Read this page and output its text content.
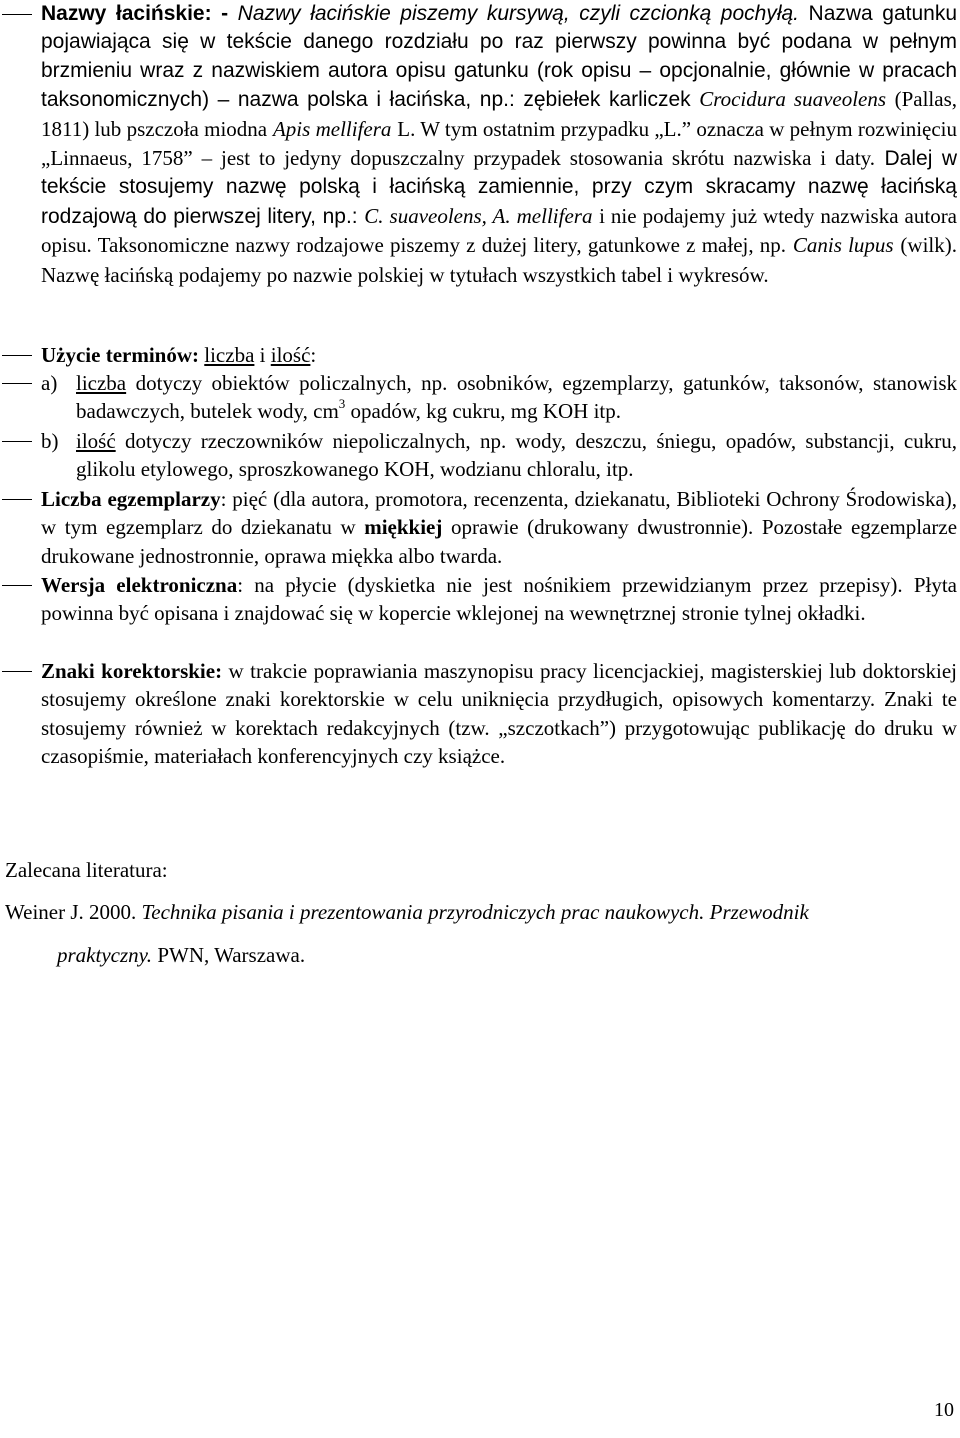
Nazwy łacińskie: - Nazwy łacińskie piszemy kursywą, czyli czcionką pochyłą. Nazwa gatunku pojawiająca się w tekście danego rozdziału po raz pierwszy powinna być podana w pełnym brzmieniu wraz z nazwiskiem autora opisu gatunku (rok opisu – opcjonalnie, głównie w pracach taksonomicznych) – nazwa polska i łacińska, np.: zębiełek karliczek Crocidura suaveolens (Pallas, 1811) lub pszczoła miodna Apis mellifera L. W tym ostatnim przypadku „L.” oznacza w pełnym rozwinięciu „Linnaeus, 1758” – jest to jedyny dopuszczalny przypadek stosowania skrótu nazwiska i daty. Dalej w tekście stosujemy nazwę polską i łacińską zamiennie, przy czym skracamy nazwę łacińską rodzajową do pierwszej litery, np.: C. suaveolens, A. mellifera i nie podajemy już wtedy nazwiska autora opisu. Taksonomiczne nazwy rodzajowe piszemy z dużej litery, gatunkowe z małej, np. Canis lupus (wilk). Nazwę łacińską podajemy po nazwie polskiej w tytułach wszystkich tabel i wykresów.
Użycie terminów: liczba i ilość:
a) liczba dotyczy obiektów policzalnych, np. osobników, egzemplarzy, gatunków, taksonów, stanowisk badawczych, butelek wody, $cm^3$ opadów, kg cukru, mg KOH itp.
b) ilość dotyczy rzeczowników niepoliczalnych, np. wody, deszczu, śniegu, opadów, substancji, cukru, glikolu etylowego, sproszkowanego KOH, wodzianu chloralu, itp.
Liczba egzemplarzy: pięć (dla autora, promotora, recenzenta, dziekanatu, Biblioteki Ochrony Środowiska), w tym egzemplarz do dziekanatu w miękkiej oprawie (drukowany dwustronnie). Pozostałe egzemplarze drukowane jednostronnie, oprawa miękka albo twarda.
Wersja elektroniczna: na płycie (dyskietka nie jest nośnikiem przewidzianym przez przepisy). Płyta powinna być opisana i znajdować się w kopercie wklejonej na wewnętrznej stronie tylnej okładki.
Znaki korektorskie: w trakcie poprawiania maszynopisu pracy licencjackiej, magisterskiej lub doktorskiej stosujemy określone znaki korektorskie w celu uniknięcia przydługich, opisowych komentarzy. Znaki te stosujemy również w korektach redakcyjnych (tzw. „szczotkach”) przygotowując publikację do druku w czasopiśmie, materiałach konferencyjnych czy książce.
Zalecana literatura:
Weiner J. 2000. Technika pisania i prezentowania przyrodniczych prac naukowych. Przewodnik
praktyczny. PWN, Warszawa.
10
